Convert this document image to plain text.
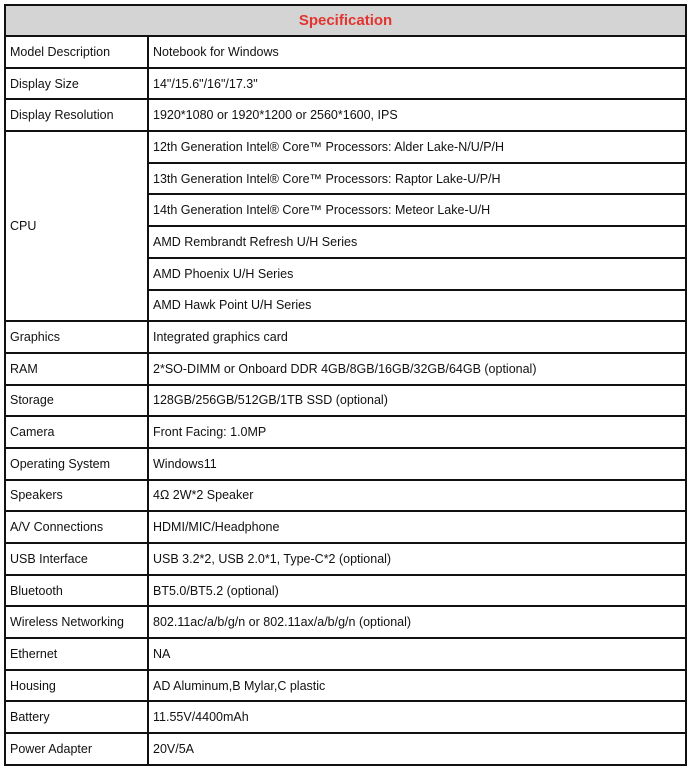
Specification	
Model Description	Notebook for Windows
Display Size	14"/15.6"/16"/17.3"
Display Resolution	1920*1080 or 1920*1200 or 2560*1600, IPS
CPU	12th Generation Intel® Core™ Processors: Alder Lake-N/U/P/H
	13th Generation Intel® Core™ Processors: Raptor Lake-U/P/H
	14th Generation Intel® Core™ Processors: Meteor Lake-U/H
	AMD Rembrandt Refresh U/H Series
	AMD Phoenix U/H Series
	AMD Hawk Point U/H Series
Graphics	Integrated graphics card
RAM	2*SO-DIMM or Onboard DDR 4GB/8GB/16GB/32GB/64GB (optional)
Storage	128GB/256GB/512GB/1TB SSD (optional)
Camera	Front Facing: 1.0MP
Operating System	Windows11
Speakers	4Ω 2W*2 Speaker
A/V Connections	HDMI/MIC/Headphone
USB Interface	USB 3.2*2, USB 2.0*1, Type-C*2 (optional)
Bluetooth	BT5.0/BT5.2 (optional)
Wireless Networking	802.11ac/a/b/g/n or 802.11ax/a/b/g/n (optional)
Ethernet	NA
Housing	AD Aluminum,B Mylar,C plastic
Battery	11.55V/4400mAh
Power Adapter	20V/5A
